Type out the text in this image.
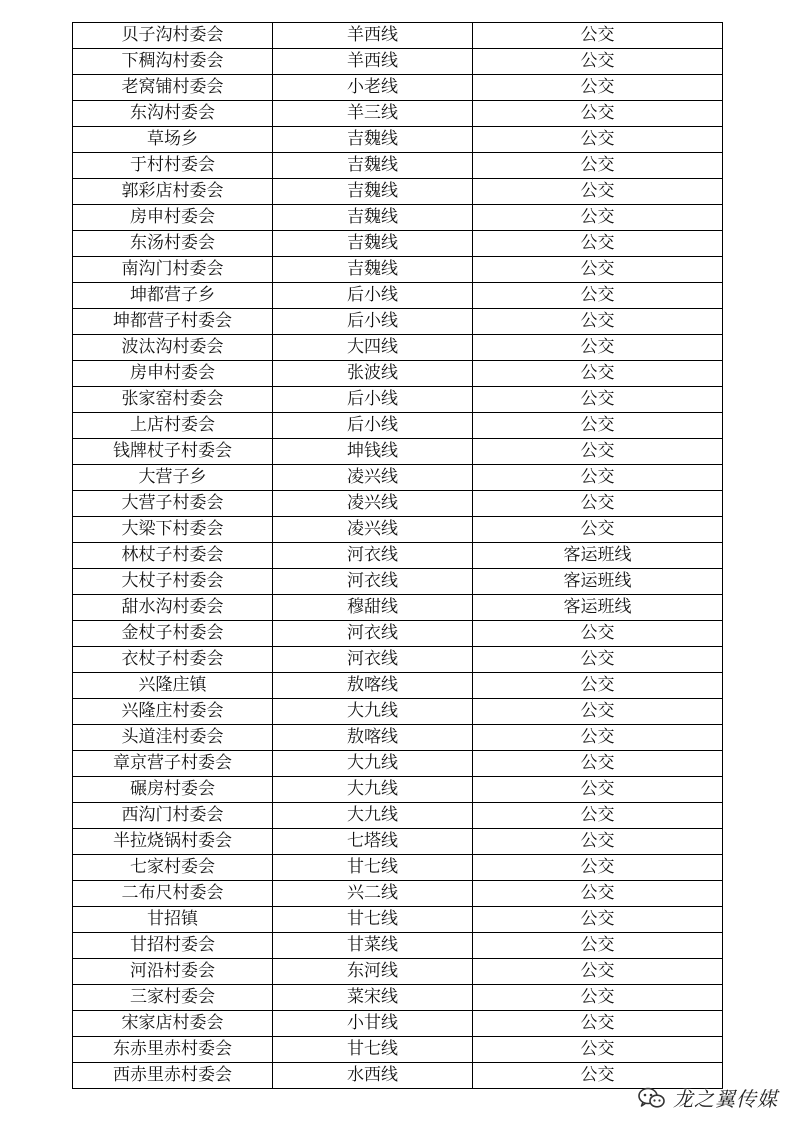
贝子沟村委会	羊西线	公交
下稠沟村委会	羊西线	公交
老窝铺村委会	小老线	公交
东沟村委会	羊三线	公交
草场乡	吉魏线	公交
于村村委会	吉魏线	公交
郭彩店村委会	吉魏线	公交
房申村委会	吉魏线	公交
东汤村委会	吉魏线	公交
南沟门村委会	吉魏线	公交
坤都营子乡	后小线	公交
坤都营子村委会	后小线	公交
波汰沟村委会	大四线	公交
房申村委会	张波线	公交
张家窑村委会	后小线	公交
上店村委会	后小线	公交
钱牌杖子村委会	坤钱线	公交
大营子乡	凌兴线	公交
大营子村委会	凌兴线	公交
大梁下村委会	凌兴线	公交
林杖子村委会	河衣线	客运班线
大杖子村委会	河衣线	客运班线
甜水沟村委会	穆甜线	客运班线
金杖子村委会	河衣线	公交
衣杖子村委会	河衣线	公交
兴隆庄镇	敖喀线	公交
兴隆庄村委会	大九线	公交
头道洼村委会	敖喀线	公交
章京营子村委会	大九线	公交
碾房村委会	大九线	公交
西沟门村委会	大九线	公交
半拉烧锅村委会	七塔线	公交
七家村委会	甘七线	公交
二布尺村委会	兴二线	公交
甘招镇	甘七线	公交
甘招村委会	甘菜线	公交
河沿村委会	东河线	公交
三家村委会	菜宋线	公交
宋家店村委会	小甘线	公交
东赤里赤村委会	甘七线	公交
西赤里赤村委会	水西线	公交
龙之翼传媒
